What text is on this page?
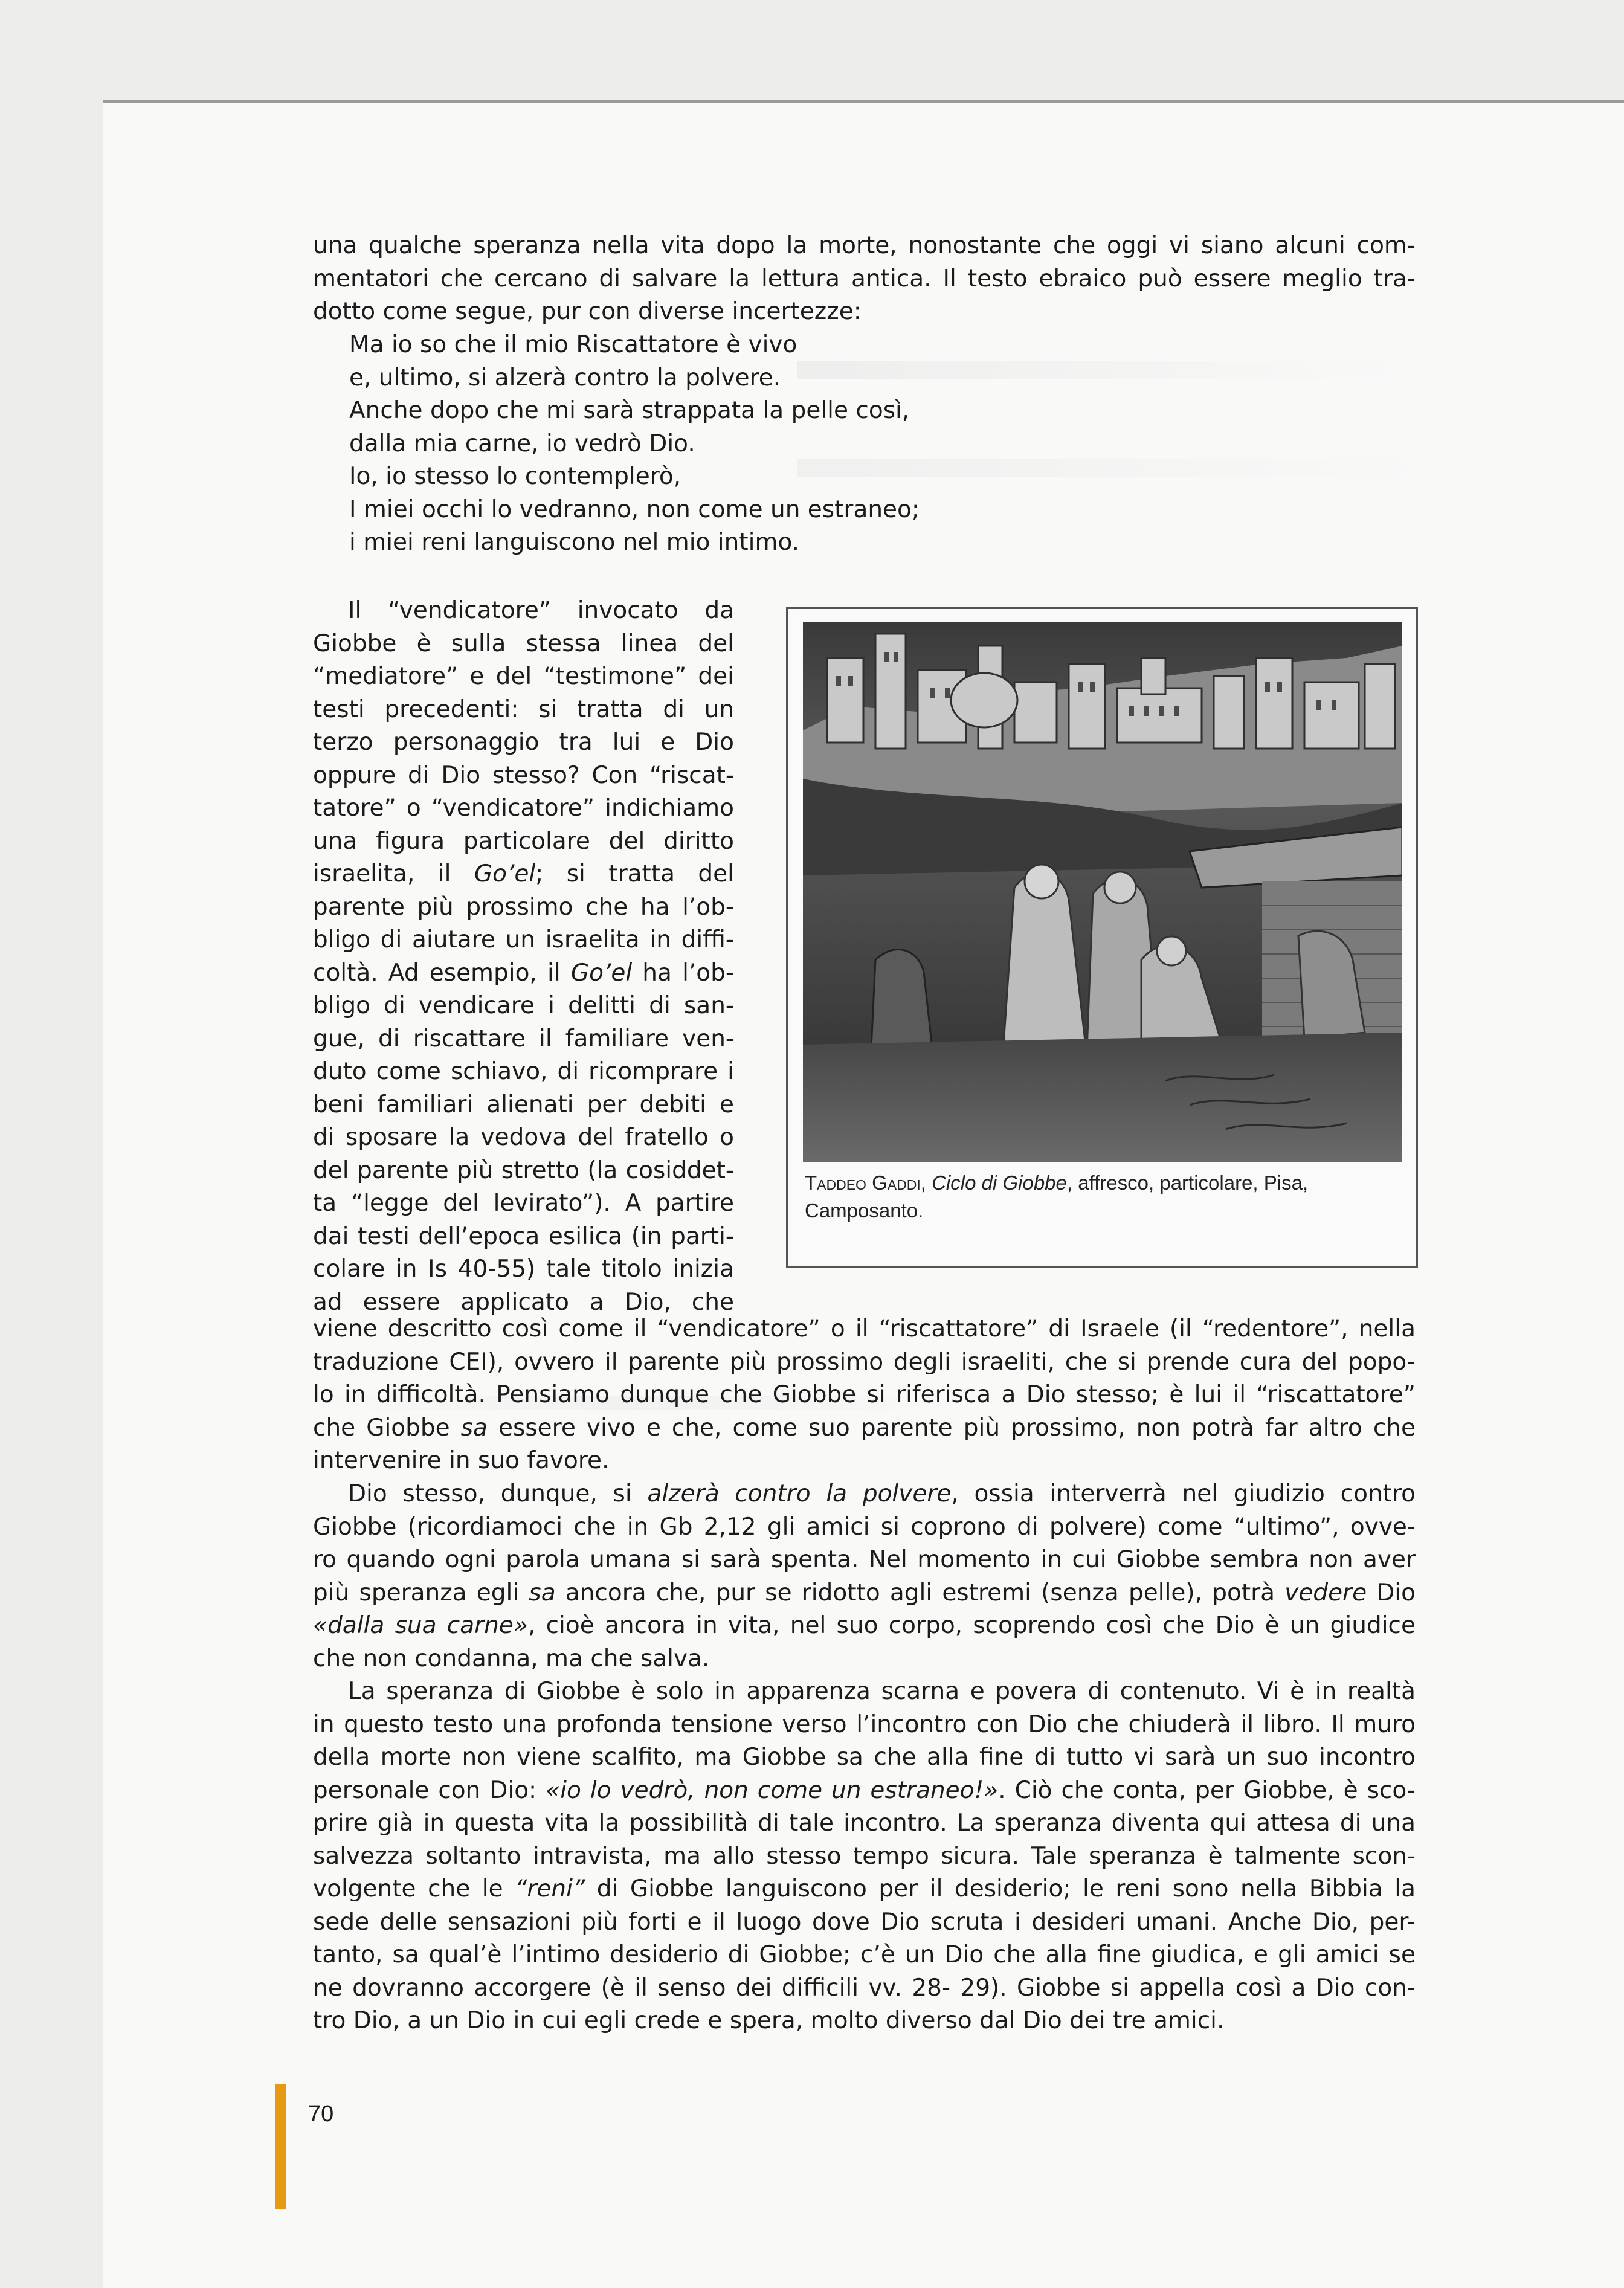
una qualche speranza nella vita dopo la morte, nonostante che oggi vi siano alcuni com-
mentatori che cercano di salvare la lettura antica. Il testo ebraico può essere meglio tra-
dotto come segue, pur con diverse incertezze:
Ma io so che il mio Riscattatore è vivo
e, ultimo, si alzerà contro la polvere.
Anche dopo che mi sarà strappata la pelle così,
dalla mia carne, io vedrò Dio.
Io, io stesso lo contemplerò,
I miei occhi lo vedranno, non come un estraneo;
i miei reni languiscono nel mio intimo.
Il “vendicatore” invocato da
Giobbe è sulla stessa linea del
“mediatore” e del “testimone” dei
testi precedenti: si tratta di un
terzo personaggio tra lui e Dio
oppure di Dio stesso? Con “riscat-
tatore” o “vendicatore” indichiamo
una figura particolare del diritto
israelita, il Go’el; si tratta del
parente più prossimo che ha l’ob-
bligo di aiutare un israelita in diffi-
coltà. Ad esempio, il Go’el ha l’ob-
bligo di vendicare i delitti di san-
gue, di riscattare il familiare ven-
duto come schiavo, di ricomprare i
beni familiari alienati per debiti e
di sposare la vedova del fratello o
del parente più stretto (la cosiddet-
ta “legge del levirato”). A partire
dai testi dell’epoca esilica (in parti-
colare in Is 40-55) tale titolo inizia
ad essere applicato a Dio, che
Taddeo Gaddi, Ciclo di Giobbe, affresco, particolare, Pisa,
Camposanto.
viene descritto così come il “vendicatore” o il “riscattatore” di Israele (il “redentore”, nella
traduzione CEI), ovvero il parente più prossimo degli israeliti, che si prende cura del popo-
lo in difficoltà. Pensiamo dunque che Giobbe si riferisca a Dio stesso; è lui il “riscattatore”
che Giobbe sa essere vivo e che, come suo parente più prossimo, non potrà far altro che
intervenire in suo favore.
Dio stesso, dunque, si alzerà contro la polvere, ossia interverrà nel giudizio contro
Giobbe (ricordiamoci che in Gb 2,12 gli amici si coprono di polvere) come “ultimo”, ovve-
ro quando ogni parola umana si sarà spenta. Nel momento in cui Giobbe sembra non aver
più speranza egli sa ancora che, pur se ridotto agli estremi (senza pelle), potrà vedere Dio
«dalla sua carne», cioè ancora in vita, nel suo corpo, scoprendo così che Dio è un giudice
che non condanna, ma che salva.
La speranza di Giobbe è solo in apparenza scarna e povera di contenuto. Vi è in realtà
in questo testo una profonda tensione verso l’incontro con Dio che chiuderà il libro. Il muro
della morte non viene scalfito, ma Giobbe sa che alla fine di tutto vi sarà un suo incontro
personale con Dio: «io lo vedrò, non come un estraneo!». Ciò che conta, per Giobbe, è sco-
prire già in questa vita la possibilità di tale incontro. La speranza diventa qui attesa di una
salvezza soltanto intravista, ma allo stesso tempo sicura. Tale speranza è talmente scon-
volgente che le “reni” di Giobbe languiscono per il desiderio; le reni sono nella Bibbia la
sede delle sensazioni più forti e il luogo dove Dio scruta i desideri umani. Anche Dio, per-
tanto, sa qual’è l’intimo desiderio di Giobbe; c’è un Dio che alla fine giudica, e gli amici se
ne dovranno accorgere (è il senso dei difficili vv. 28- 29). Giobbe si appella così a Dio con-
tro Dio, a un Dio in cui egli crede e spera, molto diverso dal Dio dei tre amici.
70
